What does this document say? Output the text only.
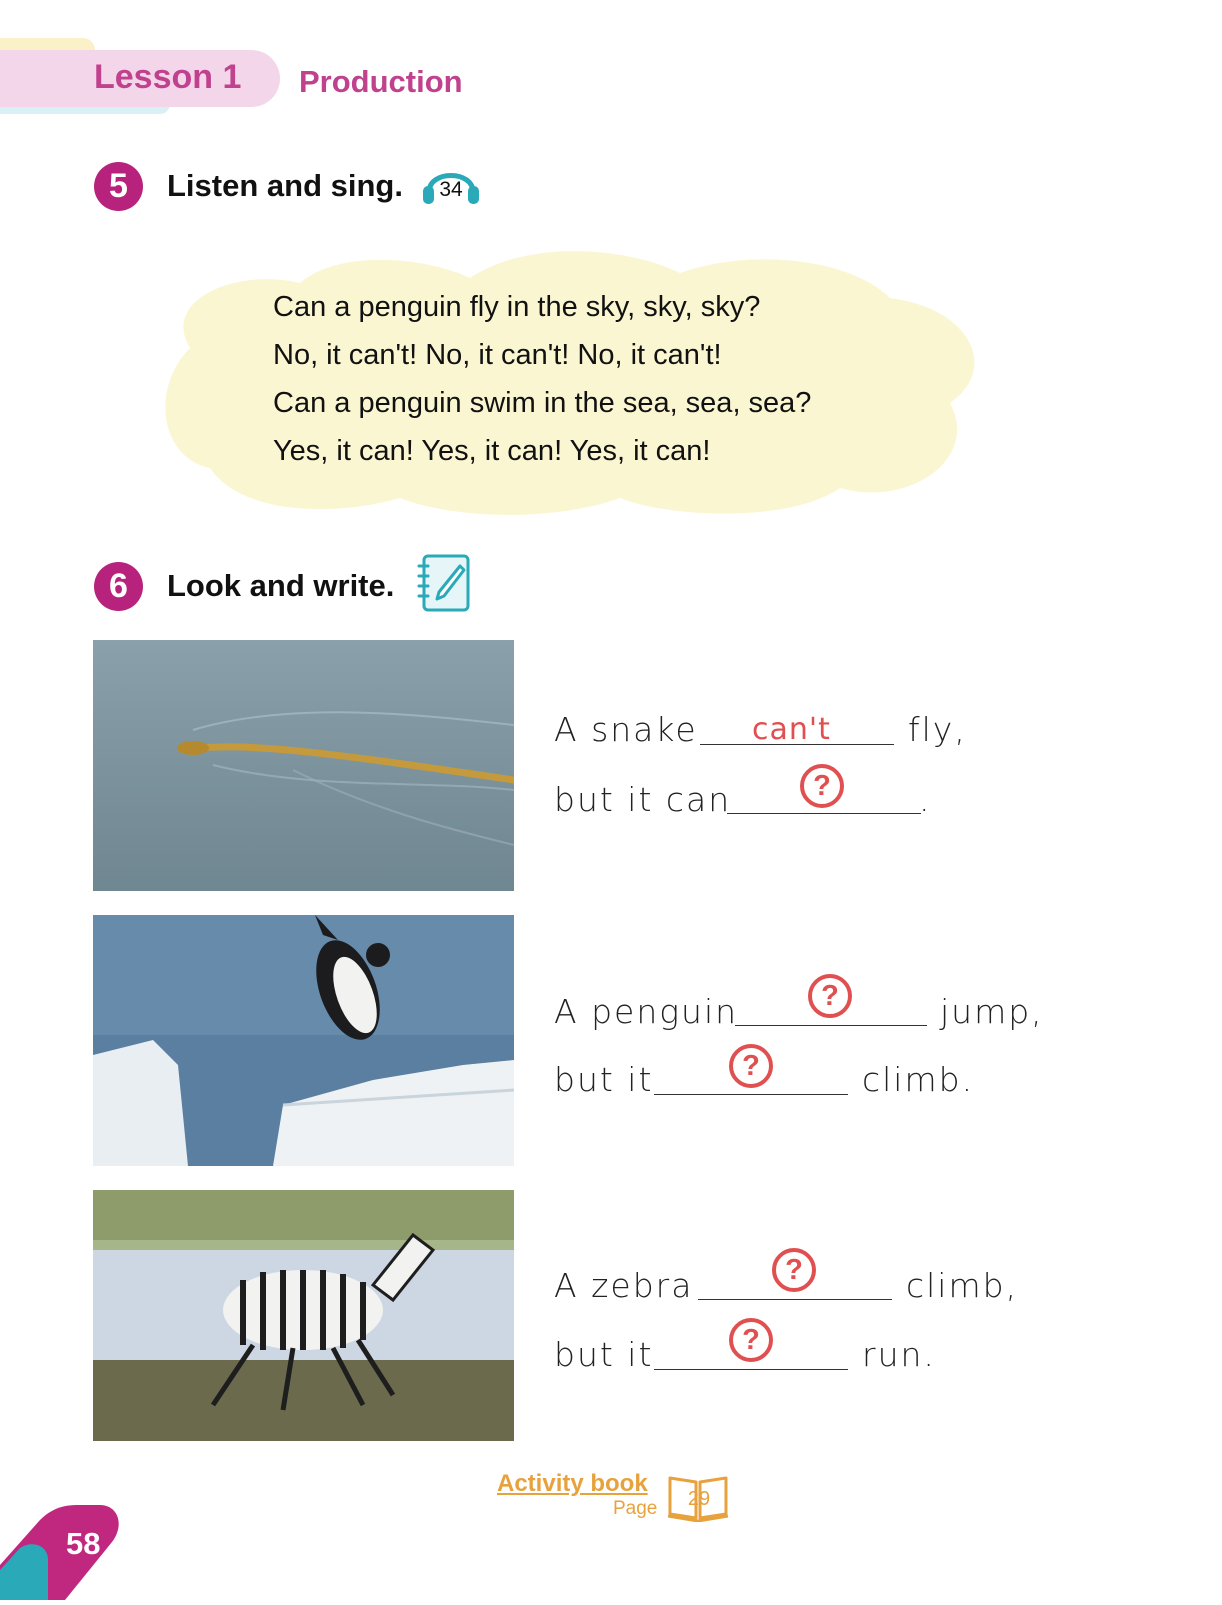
Lesson 1 Production
5	Listen and sing. 34
Can a penguin fly in the sky, sky, sky?
No, it can't! No, it can't! No, it can't!
Can a penguin swim in the sea, sea, sea?
Yes, it can! Yes, it can! Yes, it can!
6	Look and write.
A snake can't fly,
but it can	?	.
A penguin	?	jump,
but it	?	climb.
A zebra	?	climb,
but it	?	run.
Activity book
Page 29
58
